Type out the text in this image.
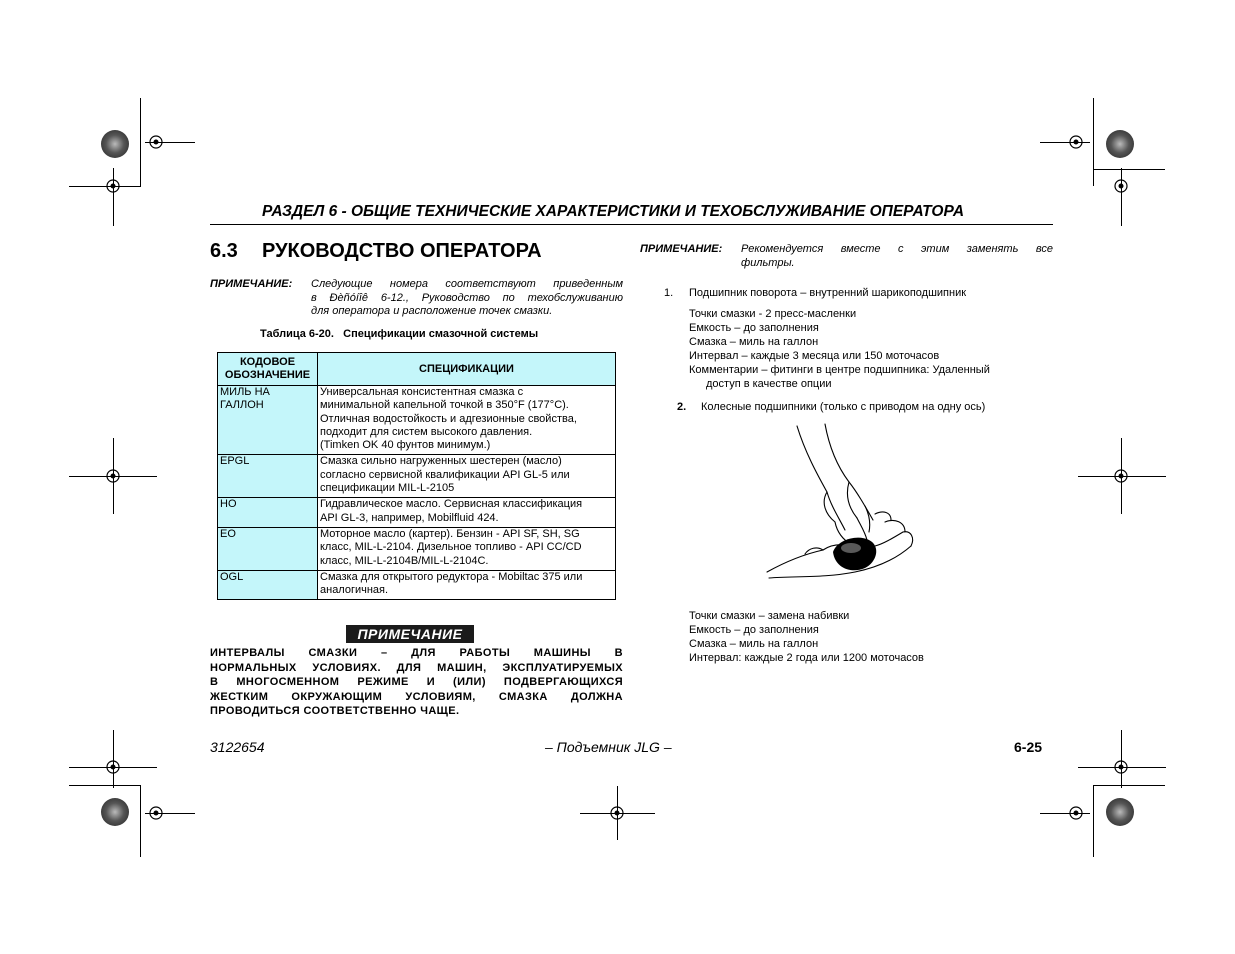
РАЗДЕЛ 6 - ОБЩИЕ ТЕХНИЧЕСКИЕ ХАРАКТЕРИСТИКИ И ТЕХОБСЛУЖИВАНИЕ ОПЕРАТОРА
6.3 РУКОВОДСТВО ОПЕРАТОРА
ПРИМЕЧАНИЕ: Следующие номера соответствуют приведенным
в Ðèñóíîê 6-12., Руководство по техобслуживанию
для оператора и расположение точек смазки.
Таблица 6-20.   Спецификации смазочной системы
КОДОВОЕ ОБОЗНАЧЕНИЕ	СПЕЦИФИКАЦИИ
МИЛЬ НА ГАЛЛОН	Универсальная консистентная смазка с
минимальной капельной точкой в 350°F (177°C).
Отличная водостойкость и адгезионные свойства,
подходит для систем высокого давления.
(Timken OK 40 фунтов минимум.)

EPGL	Смазка сильно нагруженных шестерен (масло)
согласно сервисной квалификации API GL-5 или
спецификации MIL-L-2105

HO	Гидравлическое масло. Сервисная классификация
API GL-3, например, Mobilfluid 424.

EO	Моторное масло (картер). Бензин - API SF, SH, SG
класс, MIL-L-2104. Дизельное топливо - API CC/CD
класс, MIL-L-2104B/MIL-L-2104C.

OGL	Смазка для открытого редуктора - Mobiltac 375 или
аналогичная.
ПРИМЕЧАНИЕ
ИНТЕРВАЛЫ СМАЗКИ – ДЛЯ РАБОТЫ МАШИНЫ В
НОРМАЛЬНЫХ УСЛОВИЯХ. ДЛЯ МАШИН, ЭКСПЛУАТИРУЕМЫХ
В МНОГОСМЕННОМ РЕЖИМЕ И (ИЛИ) ПОДВЕРГАЮЩИХСЯ
ЖЕСТКИМ ОКРУЖАЮЩИМ УСЛОВИЯМ, СМАЗКА ДОЛЖНА
ПРОВОДИТЬСЯ СООТВЕТСТВЕННО ЧАЩЕ.
ПРИМЕЧАНИЕ: Рекомендуется вместе с этим заменять все
фильтры.
1. Подшипник поворота – внутренний шарикоподшипник
Точки смазки - 2 пресс-масленки
Емкость – до заполнения
Смазка – миль на галлон
Интервал – каждые 3 месяца или 150 моточасов
Комментарии – фитинги в центре подшипника: Удаленный
доступ в качестве опции
2. Колесные подшипники (только с приводом на одну ось)
Точки смазки – замена набивки
Емкость – до заполнения
Смазка – миль на галлон
Интервал: каждые 2 года или 1200 моточасов
3122654	– Подъемник JLG –	6-25
